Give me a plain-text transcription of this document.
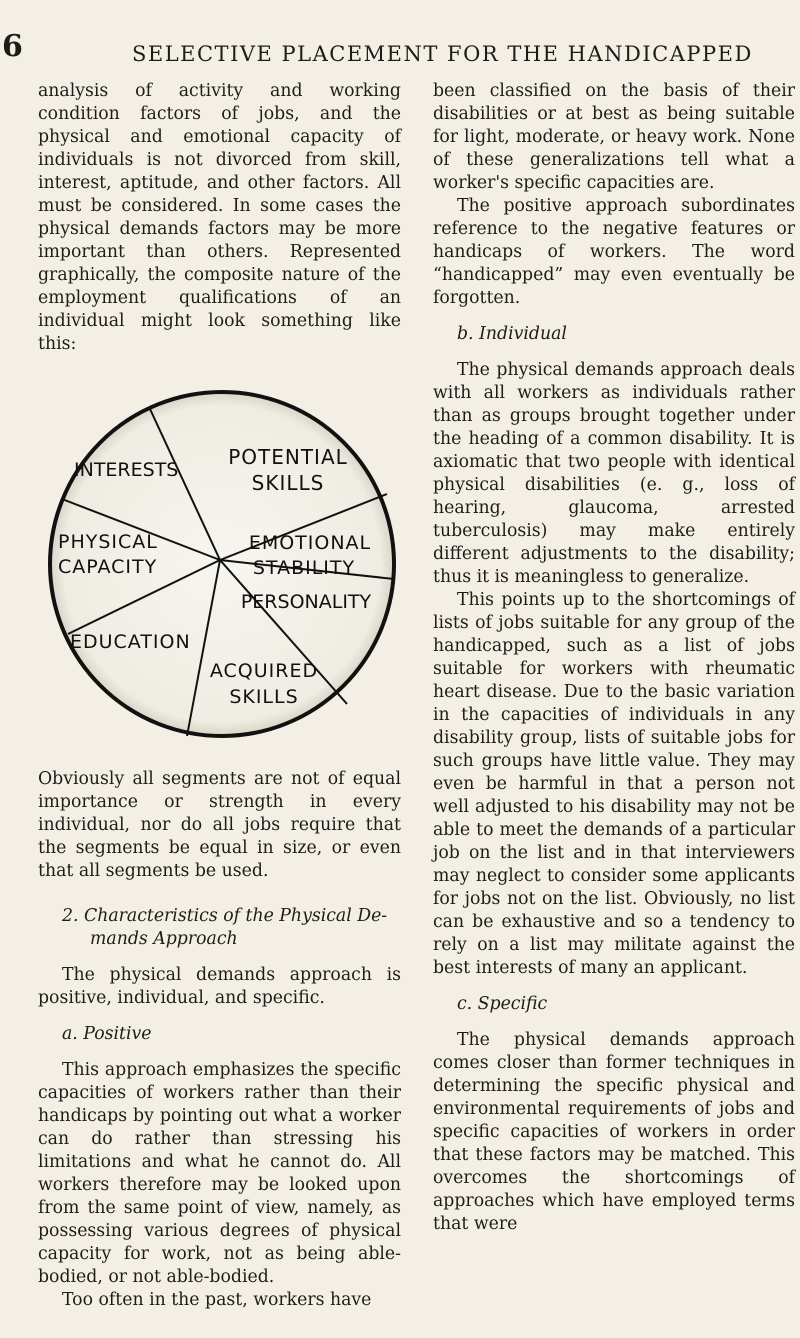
6	SELECTIVE PLACEMENT FOR THE HANDICAPPED

analysis of activity and working condition factors of jobs, and the physical and emotional capacity of individuals is not divorced from skill, interest, aptitude, and other factors. All must be considered. In some cases the physical demands factors may be more important than others. Represented graphically, the composite nature of the employment qualifications of an individual might look something like this:

INTERESTS
POTENTIAL
SKILLS
PHYSICAL
CAPACITY
EMOTIONAL
STABILITY
PERSONALITY
EDUCATION
ACQUIRED
SKILLS

Obviously all segments are not of equal importance or strength in every individual, nor do all jobs require that the segments be equal in size, or even that all segments be used.

2. Characteristics of the Physical De-
mands Approach

The physical demands approach is positive, individual, and specific.

a. Positive

This approach emphasizes the specific capacities of workers rather than their handicaps by pointing out what a worker can do rather than stressing his limitations and what he cannot do. All workers therefore may be looked upon from the same point of view, namely, as possessing various degrees of physical capacity for work, not as being able-bodied, or not able-bodied.

Too often in the past, workers have

been classified on the basis of their disabilities or at best as being suitable for light, moderate, or heavy work. None of these generalizations tell what a worker's specific capacities are.

The positive approach subordinates reference to the negative features or handicaps of workers. The word “handicapped” may even eventually be forgotten.

b. Individual

The physical demands approach deals with all workers as individuals rather than as groups brought together under the heading of a common disability. It is axiomatic that two people with identical physical disabilities (e. g., loss of hearing, glaucoma, arrested tuberculosis) may make entirely different adjustments to the disability; thus it is meaningless to generalize.

This points up to the shortcomings of lists of jobs suitable for any group of the handicapped, such as a list of jobs suitable for workers with rheumatic heart disease. Due to the basic variation in the capacities of individuals in any disability group, lists of suitable jobs for such groups have little value. They may even be harmful in that a person not well adjusted to his disability may not be able to meet the demands of a particular job on the list and in that interviewers may neglect to consider some applicants for jobs not on the list. Obviously, no list can be exhaustive and so a tendency to rely on a list may militate against the best interests of many an applicant.

c. Specific

The physical demands approach comes closer than former techniques in determining the specific physical and environmental requirements of jobs and specific capacities of workers in order that these factors may be matched. This overcomes the shortcomings of approaches which have employed terms that were
